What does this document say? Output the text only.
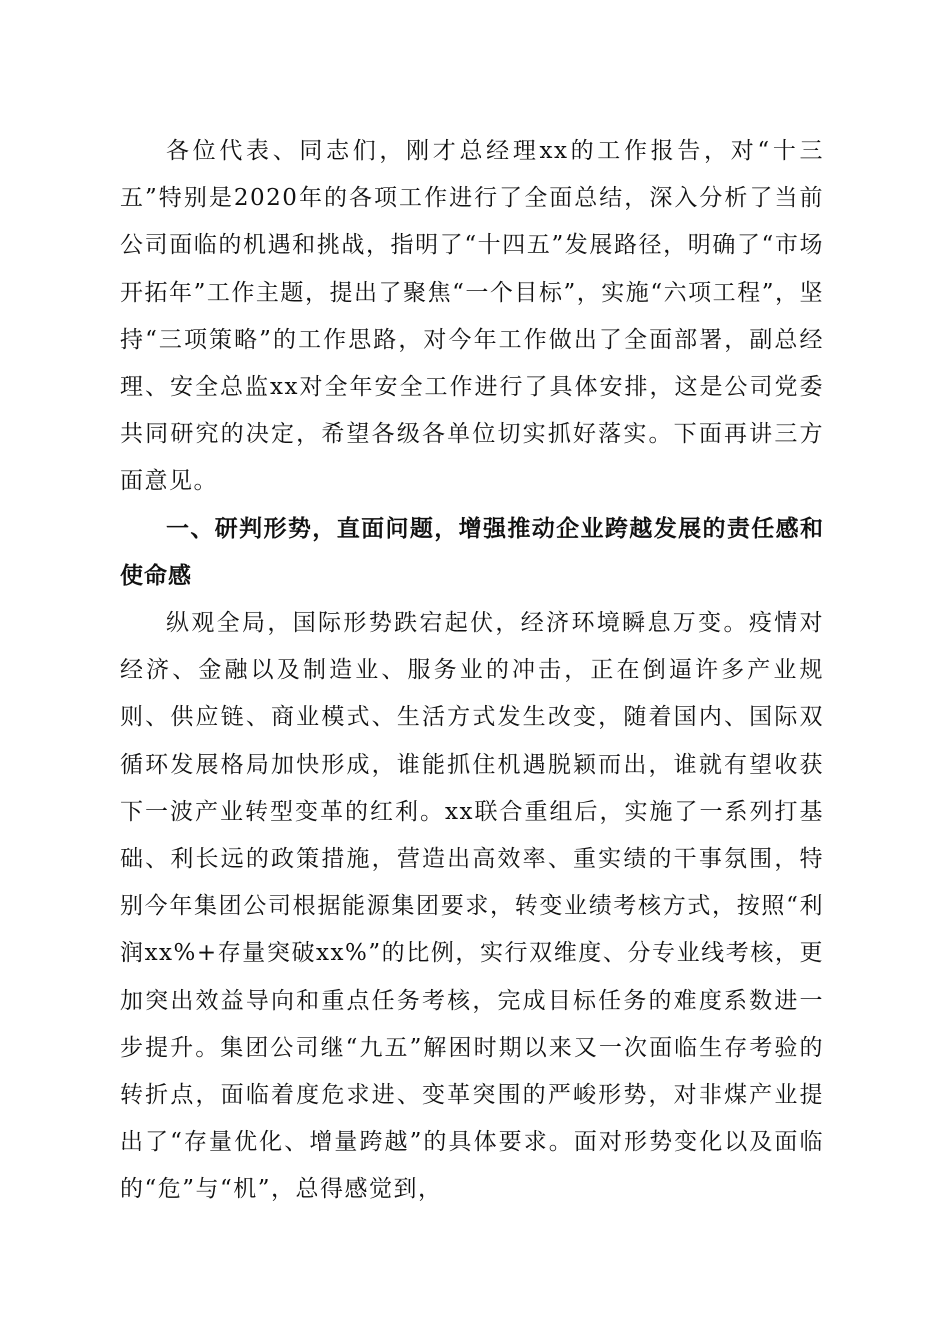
各位代表、同志们，刚才总经理xx的工作报告，对“十三五”特别是2020年的各项工作进行了全面总结，深入分析了当前公司面临的机遇和挑战，指明了“十四五”发展路径，明确了“市场开拓年”工作主题，提出了聚焦“一个目标”，实施“六项工程”，坚持“三项策略”的工作思路，对今年工作做出了全面部署，副总经理、安全总监xx对全年安全工作进行了具体安排，这是公司党委共同研究的决定，希望各级各单位切实抓好落实。下面再讲三方面意见。

一、研判形势，直面问题，增强推动企业跨越发展的责任感和使命感

纵观全局，国际形势跌宕起伏，经济环境瞬息万变。疫情对经济、金融以及制造业、服务业的冲击，正在倒逼许多产业规则、供应链、商业模式、生活方式发生改变，随着国内、国际双循环发展格局加快形成，谁能抓住机遇脱颖而出，谁就有望收获下一波产业转型变革的红利。xx联合重组后，实施了一系列打基础、利长远的政策措施，营造出高效率、重实绩的干事氛围，特别今年集团公司根据能源集团要求，转变业绩考核方式，按照“利润xx%+存量突破xx%”的比例，实行双维度、分专业线考核，更加突出效益导向和重点任务考核，完成目标任务的难度系数进一步提升。集团公司继“九五”解困时期以来又一次面临生存考验的转折点，面临着度危求进、变革突围的严峻形势，对非煤产业提出了“存量优化、增量跨越”的具体要求。面对形势变化以及面临的“危”与“机”，总得感觉到，
